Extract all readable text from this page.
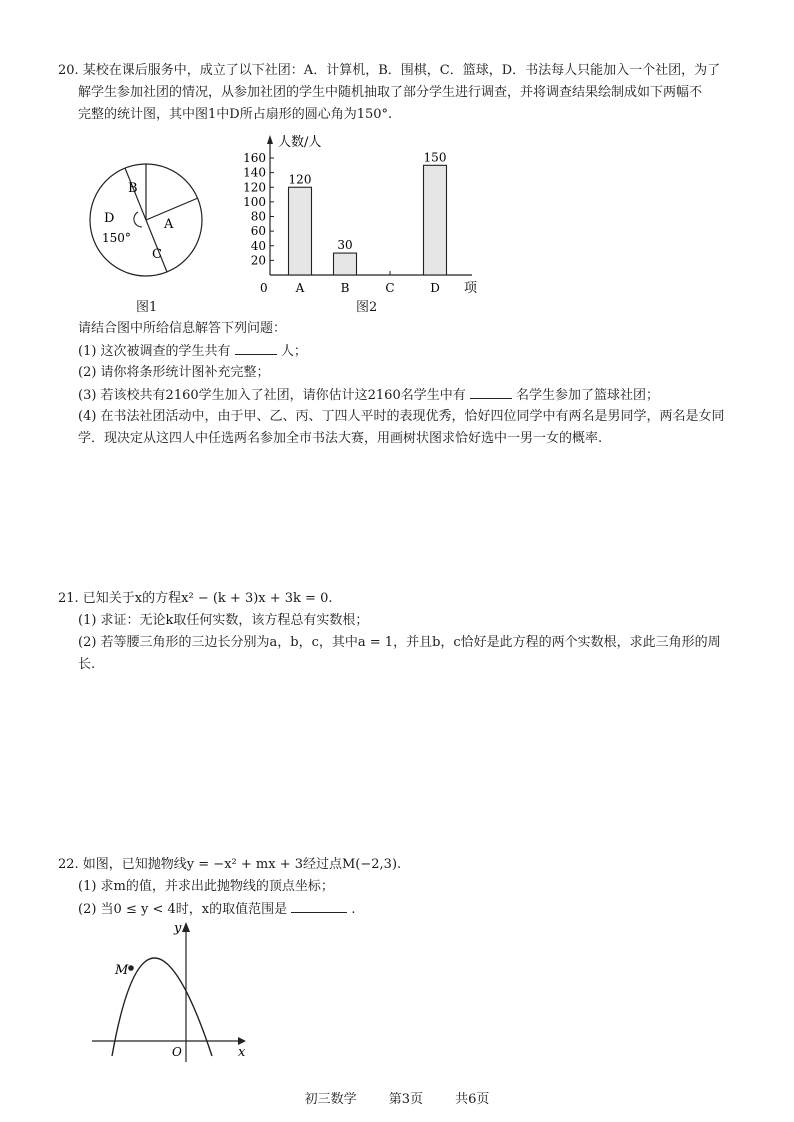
20. 某校在课后服务中，成立了以下社团：A．计算机，B．围棋，C．篮球，D．书法每人只能加入一个社团，为了
解学生参加社团的情况，从参加社团的学生中随机抽取了部分学生进行调查，并将调查结果绘制成如下两幅不
完整的统计图，其中图1中D所占扇形的圆心角为150°.
B
A
D
C
150°
图1
人数/人
项
0
20
40
60
80
100
120
140
160
A
120
B
30
C	D
150
图2
请结合图中所给信息解答下列问题：
(1) 这次被调查的学生共有	人；
(2) 请你将条形统计图补充完整；
(3) 若该校共有2160学生加入了社团，请你估计这2160名学生中有	名学生参加了篮球社团；
(4) 在书法社团活动中，由于甲、乙、丙、丁四人平时的表现优秀，恰好四位同学中有两名是男同学，两名是女同
学．现决定从这四人中任选两名参加全市书法大赛，用画树状图求恰好选中一男一女的概率.
21. 已知关于x的方程x² − (k + 3)x + 3k = 0.
(1) 求证：无论k取任何实数，该方程总有实数根；
(2) 若等腰三角形的三边长分别为a，b，c，其中a = 1，并且b，c恰好是此方程的两个实数根，求此三角形的周
长.
22. 如图，已知抛物线y = −x² + mx + 3经过点M(−2,3).
(1) 求m的值，并求出此抛物线的顶点坐标；
(2) 当0 ≤ y < 4时，x的取值范围是	.
M
x
y
O
初三数学 第3页 共6页
